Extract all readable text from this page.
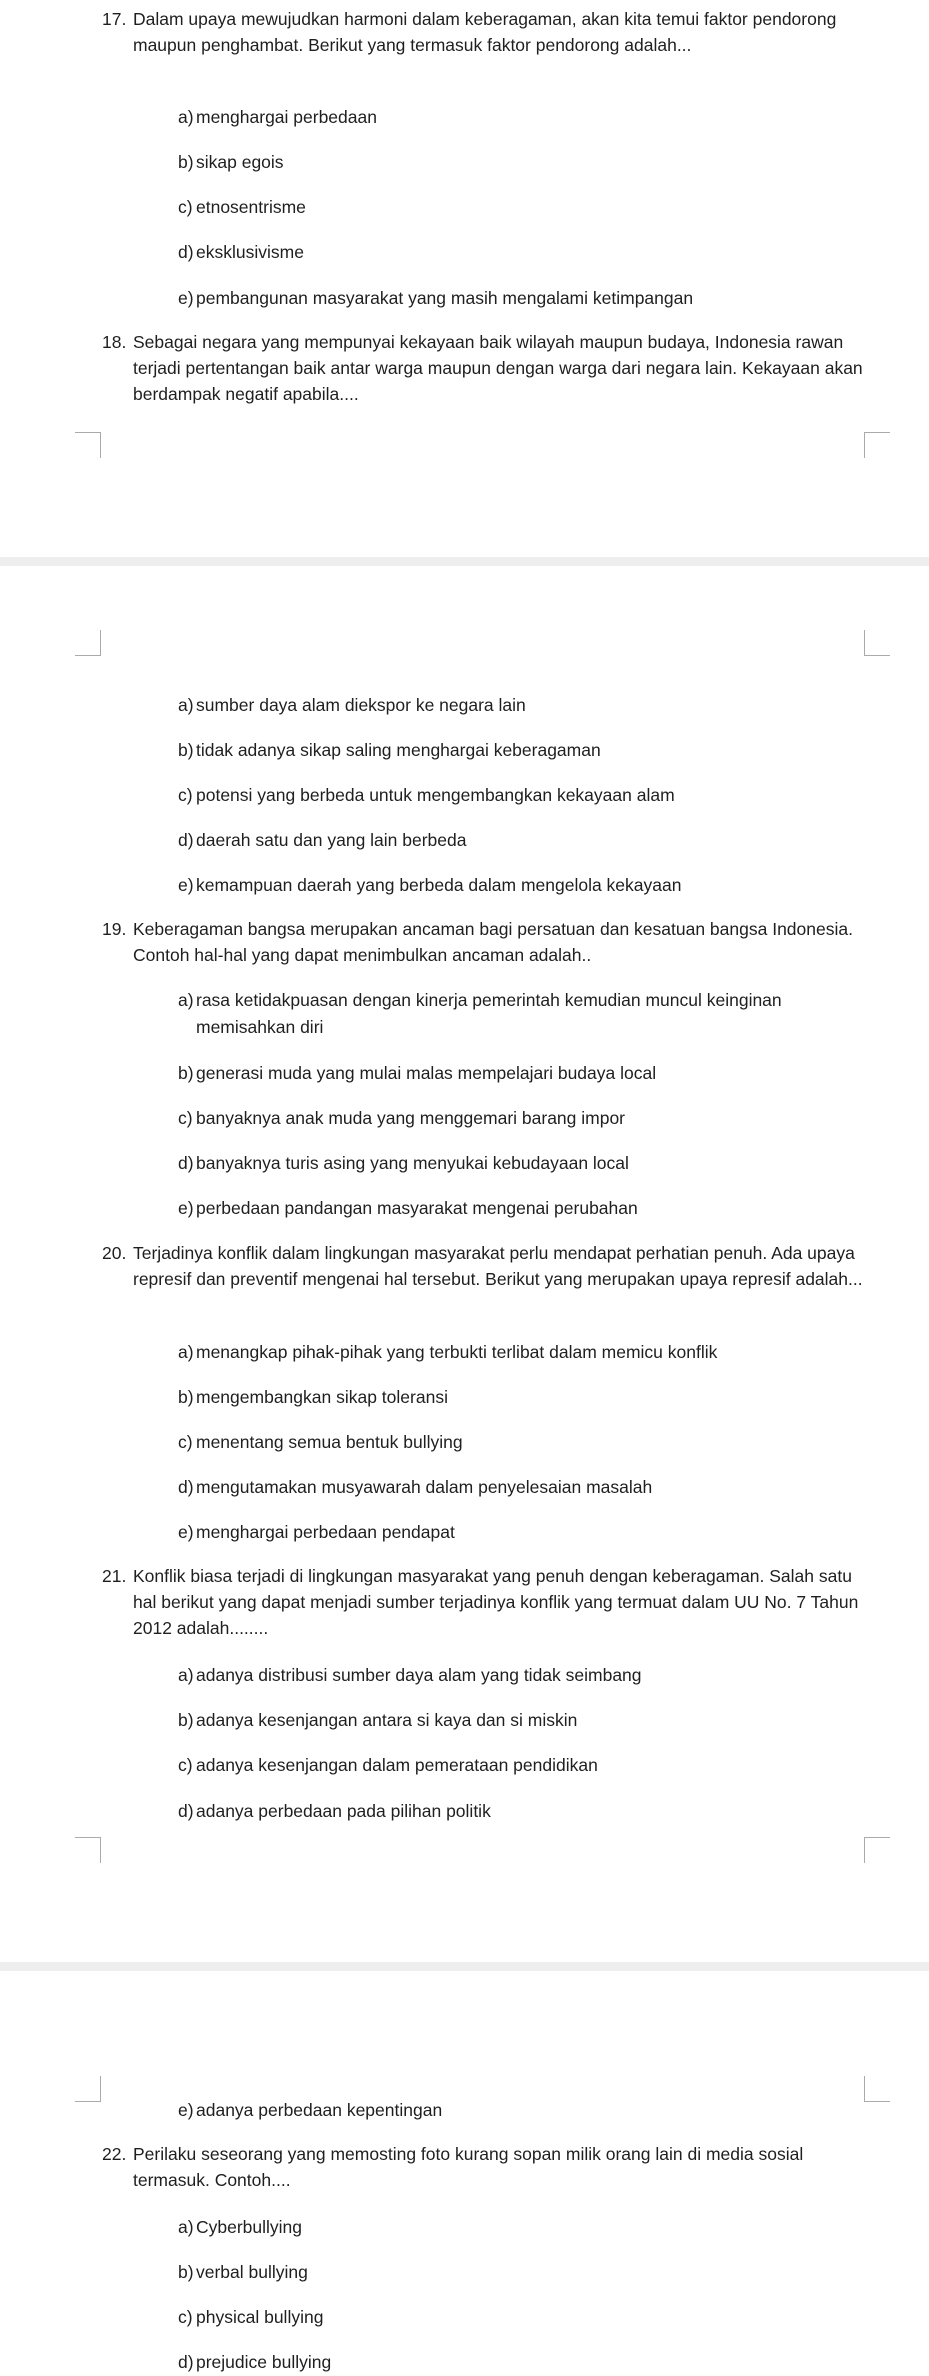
17. Dalam upaya mewujudkan harmoni dalam keberagaman, akan kita temui faktor pendorong maupun penghambat. Berikut yang termasuk faktor pendorong adalah...
a) menghargai perbedaan
b) sikap egois
c) etnosentrisme
d) eksklusivisme
e) pembangunan masyarakat yang masih mengalami ketimpangan
18. Sebagai negara yang mempunyai kekayaan baik wilayah maupun budaya, Indonesia rawan terjadi pertentangan baik antar warga maupun dengan warga dari negara lain. Kekayaan akan berdampak negatif apabila....
a) sumber daya alam diekspor ke negara lain
b) tidak adanya sikap saling menghargai keberagaman
c) potensi yang berbeda untuk mengembangkan kekayaan alam
d) daerah satu dan yang lain berbeda
e) kemampuan daerah yang berbeda dalam mengelola kekayaan
19. Keberagaman bangsa merupakan ancaman bagi persatuan dan kesatuan bangsa Indonesia. Contoh hal-hal yang dapat menimbulkan ancaman adalah..
a) rasa ketidakpuasan dengan kinerja pemerintah kemudian muncul keinginan memisahkan diri
b) generasi muda yang mulai malas mempelajari budaya local
c) banyaknya anak muda yang menggemari barang impor
d) banyaknya turis asing yang menyukai kebudayaan local
e) perbedaan pandangan masyarakat mengenai perubahan
20. Terjadinya konflik dalam lingkungan masyarakat perlu mendapat perhatian penuh. Ada upaya represif dan preventif mengenai hal tersebut. Berikut yang merupakan upaya represif adalah...
a) menangkap pihak-pihak yang terbukti terlibat dalam memicu konflik
b) mengembangkan sikap toleransi
c) menentang semua bentuk bullying
d) mengutamakan musyawarah dalam penyelesaian masalah
e) menghargai perbedaan pendapat
21. Konflik biasa terjadi di lingkungan masyarakat yang penuh dengan keberagaman. Salah satu hal berikut yang dapat menjadi sumber terjadinya konflik yang termuat dalam UU No. 7 Tahun 2012 adalah........
a) adanya distribusi sumber daya alam yang tidak seimbang
b) adanya kesenjangan antara si kaya dan si miskin
c) adanya kesenjangan dalam pemerataan pendidikan
d) adanya perbedaan pada pilihan politik
e) adanya perbedaan kepentingan
22. Perilaku seseorang yang memosting foto kurang sopan milik orang lain di media sosial termasuk. Contoh....
a) Cyberbullying
b) verbal bullying
c) physical bullying
d) prejudice bullying
